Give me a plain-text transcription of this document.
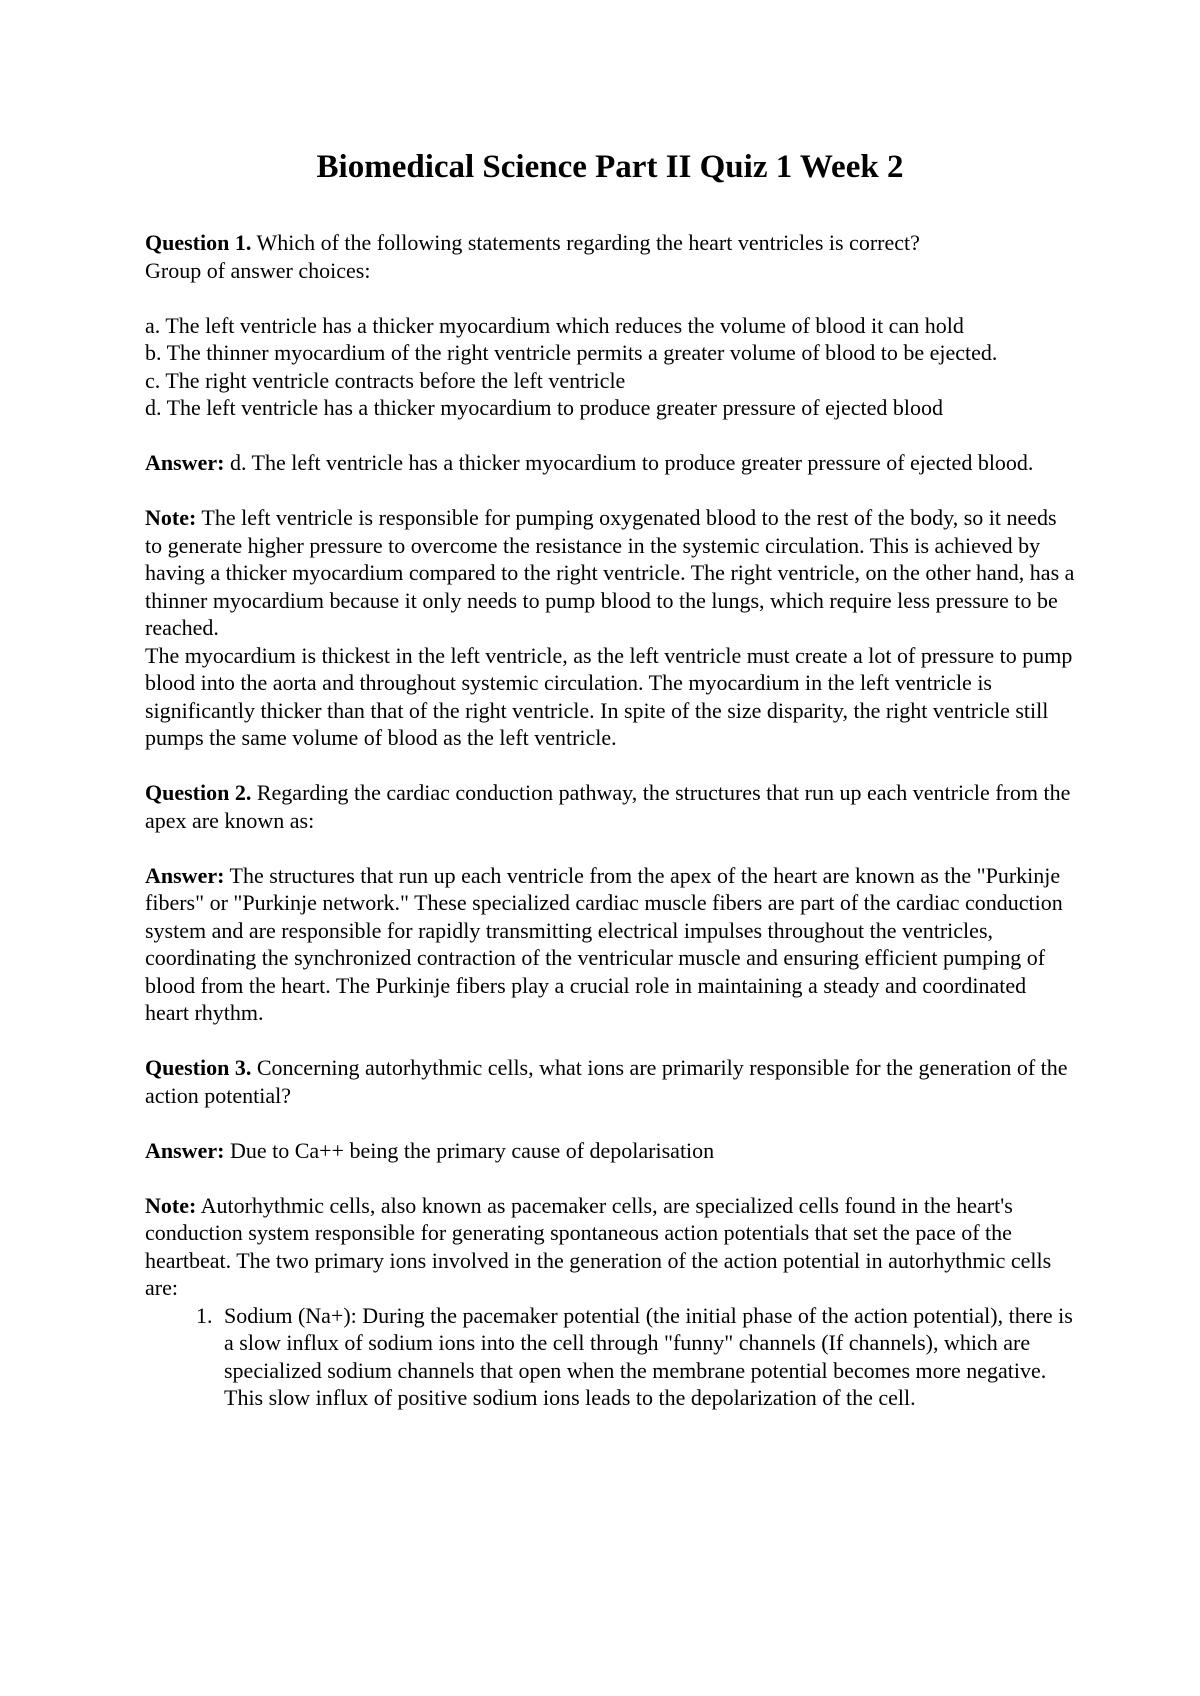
Biomedical Science Part II Quiz 1 Week 2

Question 1. Which of the following statements regarding the heart ventricles is correct?

Group of answer choices:

a. The left ventricle has a thicker myocardium which reduces the volume of blood it can hold

b. The thinner myocardium of the right ventricle permits a greater volume of blood to be ejected.

c. The right ventricle contracts before the left ventricle

d. The left ventricle has a thicker myocardium to produce greater pressure of ejected blood

Answer: d. The left ventricle has a thicker myocardium to produce greater pressure of ejected blood.

Note: The left ventricle is responsible for pumping oxygenated blood to the rest of the body, so it needs to generate higher pressure to overcome the resistance in the systemic circulation. This is achieved by having a thicker myocardium compared to the right ventricle. The right ventricle, on the other hand, has a thinner myocardium because it only needs to pump blood to the lungs, which require less pressure to be reached.

The myocardium is thickest in the left ventricle, as the left ventricle must create a lot of pressure to pump blood into the aorta and throughout systemic circulation. The myocardium in the left ventricle is significantly thicker than that of the right ventricle. In spite of the size disparity, the right ventricle still pumps the same volume of blood as the left ventricle.

Question 2. Regarding the cardiac conduction pathway, the structures that run up each ventricle from the apex are known as:

Answer: The structures that run up each ventricle from the apex of the heart are known as the "Purkinje fibers" or "Purkinje network." These specialized cardiac muscle fibers are part of the cardiac conduction system and are responsible for rapidly transmitting electrical impulses throughout the ventricles, coordinating the synchronized contraction of the ventricular muscle and ensuring efficient pumping of blood from the heart. The Purkinje fibers play a crucial role in maintaining a steady and coordinated heart rhythm.

Question 3. Concerning autorhythmic cells, what ions are primarily responsible for the generation of the action potential?

Answer: Due to Ca++ being the primary cause of depolarisation

Note: Autorhythmic cells, also known as pacemaker cells, are specialized cells found in the heart's conduction system responsible for generating spontaneous action potentials that set the pace of the heartbeat. The two primary ions involved in the generation of the action potential in autorhythmic cells are:

1. Sodium (Na+): During the pacemaker potential (the initial phase of the action potential), there is a slow influx of sodium ions into the cell through "funny" channels (If channels), which are specialized sodium channels that open when the membrane potential becomes more negative. This slow influx of positive sodium ions leads to the depolarization of the cell.
